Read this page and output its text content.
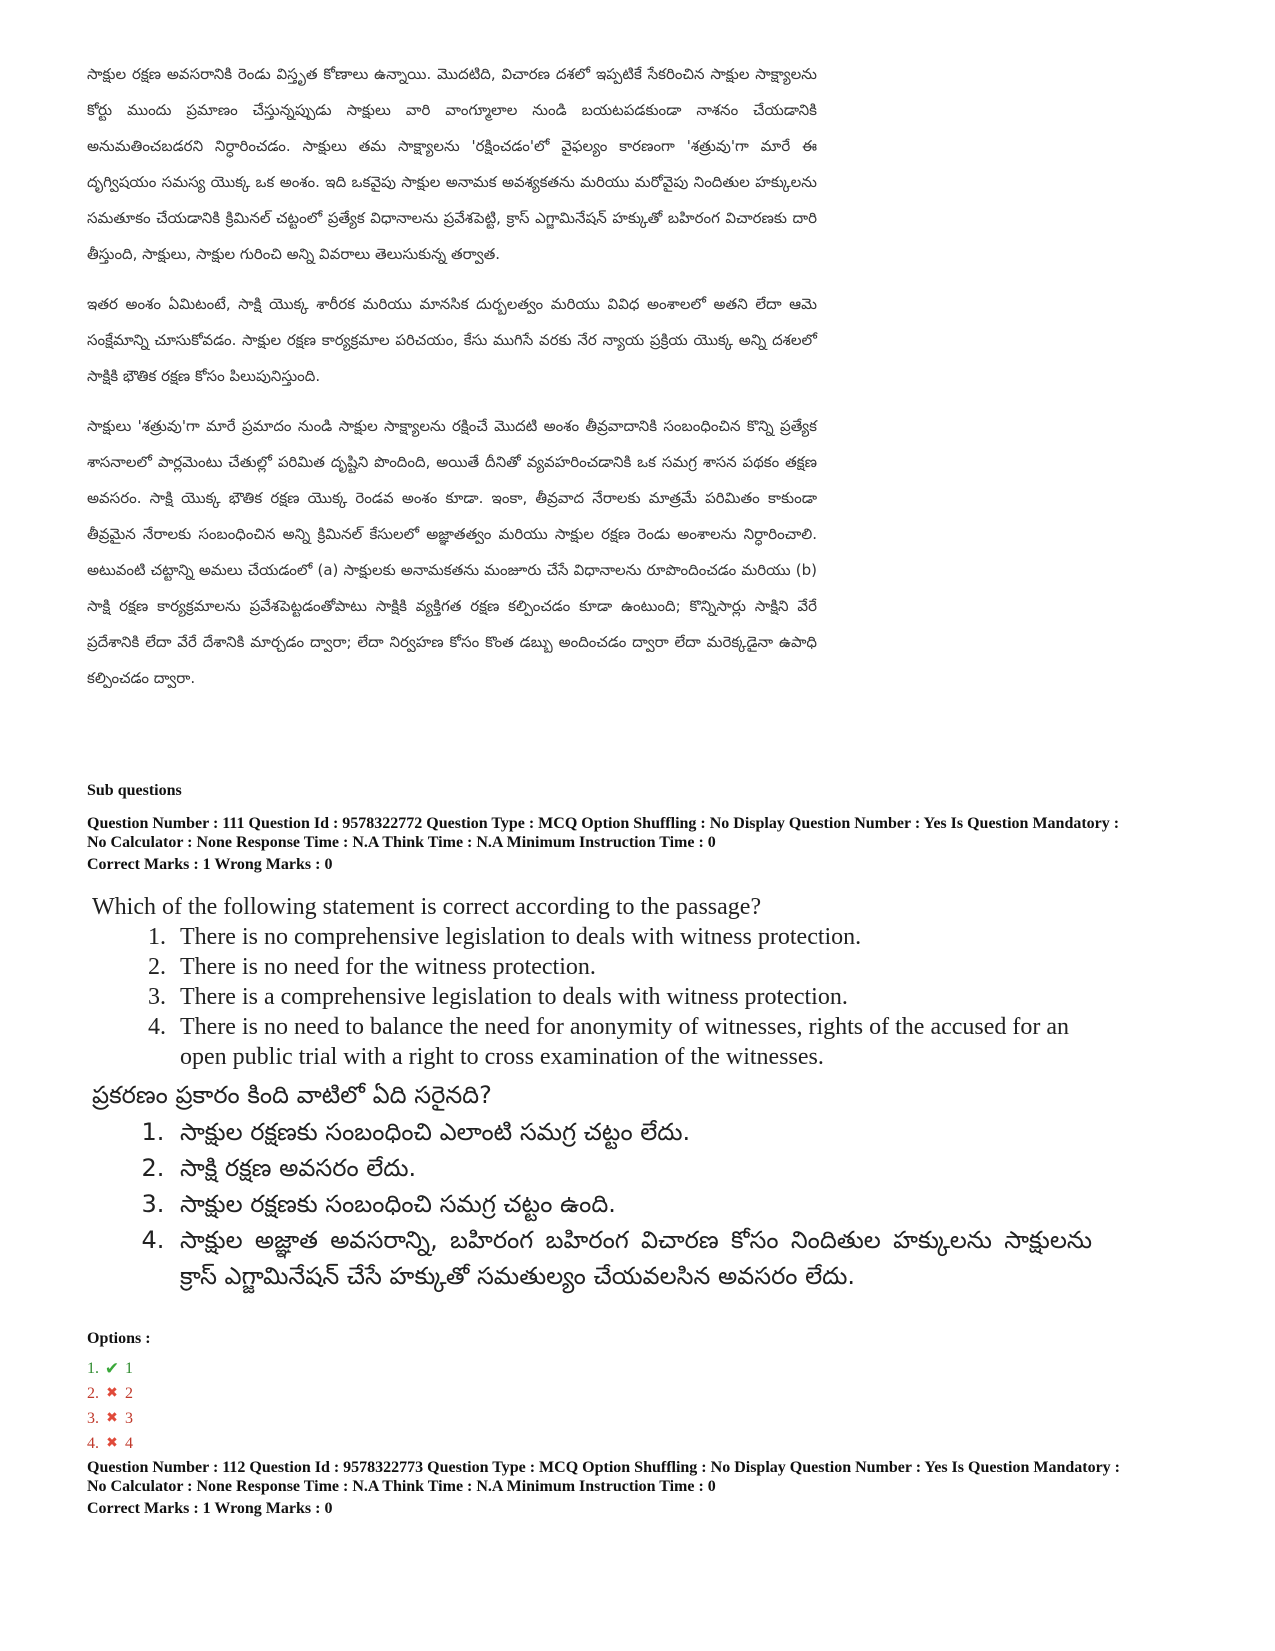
సాక్షుల రక్షణ అవసరానికి రెండు విస్తృత కోణాలు ఉన్నాయి. మొదటిది, విచారణ దశలో ఇప్పటికే సేకరించిన సాక్షుల సాక్ష్యాలను కోర్టు ముందు ప్రమాణం చేస్తున్నప్పుడు సాక్షులు వారి వాంగ్మూలాల నుండి బయటపడకుండా నాశనం చేయడానికి అనుమతించబడరని నిర్ధారించడం. సాక్షులు తమ సాక్ష్యాలను 'రక్షించడం'లో వైఫల్యం కారణంగా 'శత్రువు'గా మారే ఈ దృగ్విషయం సమస్య యొక్క ఒక అంశం. ఇది ఒకవైపు సాక్షుల అనామక అవశ్యకతను మరియు మరోవైపు నిందితుల హక్కులను సమతూకం చేయడానికి క్రిమినల్ చట్టంలో ప్రత్యేక విధానాలను ప్రవేశపెట్టి, క్రాస్ ఎగ్జామినేషన్ హక్కుతో బహిరంగ విచారణకు దారి తీస్తుంది, సాక్షులు, సాక్షుల గురించి అన్ని వివరాలు తెలుసుకున్న తర్వాత.

ఇతర అంశం ఏమిటంటే, సాక్షి యొక్క శారీరక మరియు మానసిక దుర్బలత్వం మరియు వివిధ అంశాలలో అతని లేదా ఆమె సంక్షేమాన్ని చూసుకోవడం. సాక్షుల రక్షణ కార్యక్రమాల పరిచయం, కేసు ముగిసే వరకు నేర న్యాయ ప్రక్రియ యొక్క అన్ని దశలలో సాక్షికి భౌతిక రక్షణ కోసం పిలుపునిస్తుంది.

సాక్షులు 'శత్రువు'గా మారే ప్రమాదం నుండి సాక్షుల సాక్ష్యాలను రక్షించే మొదటి అంశం తీవ్రవాదానికి సంబంధించిన కొన్ని ప్రత్యేక శాసనాలలో పార్లమెంటు చేతుల్లో పరిమిత దృష్టిని పొందింది, అయితే దీనితో వ్యవహరించడానికి ఒక సమగ్ర శాసన పథకం తక్షణ అవసరం. సాక్షి యొక్క భౌతిక రక్షణ యొక్క రెండవ అంశం కూడా. ఇంకా, తీవ్రవాద నేరాలకు మాత్రమే పరిమితం కాకుండా తీవ్రమైన నేరాలకు సంబంధించిన అన్ని క్రిమినల్ కేసులలో అజ్ఞాతత్వం మరియు సాక్షుల రక్షణ రెండు అంశాలను నిర్ధారించాలి. అటువంటి చట్టాన్ని అమలు చేయడంలో (a) సాక్షులకు అనామకతను మంజూరు చేసే విధానాలను రూపొందించడం మరియు (b) సాక్షి రక్షణ కార్యక్రమాలను ప్రవేశపెట్టడంతోపాటు సాక్షికి వ్యక్తిగత రక్షణ కల్పించడం కూడా ఉంటుంది; కొన్నిసార్లు సాక్షిని వేరే ప్రదేశానికి లేదా వేరే దేశానికి మార్చడం ద్వారా; లేదా నిర్వహణ కోసం కొంత డబ్బు అందించడం ద్వారా లేదా మరెక్కడైనా ఉపాధి కల్పించడం ద్వారా.

Sub questions
Question Number : 111 Question Id : 9578322772 Question Type : MCQ Option Shuffling : No Display Question Number : Yes Is Question Mandatory :
No Calculator : None Response Time : N.A Think Time : N.A Minimum Instruction Time : 0
Correct Marks : 1 Wrong Marks : 0

Which of the following statement is correct according to the passage?

1. There is no comprehensive legislation to deals with witness protection.
2. There is no need for the witness protection.
3. There is a comprehensive legislation to deals with witness protection.
4. There is no need to balance the need for anonymity of witnesses, rights of the accused for an open public trial with a right to cross examination of the witnesses.

ప్రకరణం ప్రకారం కింది వాటిలో ఏది సరైనది?

1. సాక్షుల రక్షణకు సంబంధించి ఎలాంటి సమగ్ర చట్టం లేదు.
2. సాక్షి రక్షణ అవసరం లేదు.
3. సాక్షుల రక్షణకు సంబంధించి సమగ్ర చట్టం ఉంది.
4. సాక్షుల అజ్ఞాత అవసరాన్ని, బహిరంగ బహిరంగ విచారణ కోసం నిందితుల హక్కులను సాక్షులను క్రాస్ ఎగ్జామినేషన్ చేసే హక్కుతో సమతుల్యం చేయవలసిన అవసరం లేదు.
Options :
1. ✔ 1
2. ✖ 2
3. ✖ 3
4. ✖ 4
Question Number : 112 Question Id : 9578322773 Question Type : MCQ Option Shuffling : No Display Question Number : Yes Is Question Mandatory :
No Calculator : None Response Time : N.A Think Time : N.A Minimum Instruction Time : 0
Correct Marks : 1 Wrong Marks : 0
